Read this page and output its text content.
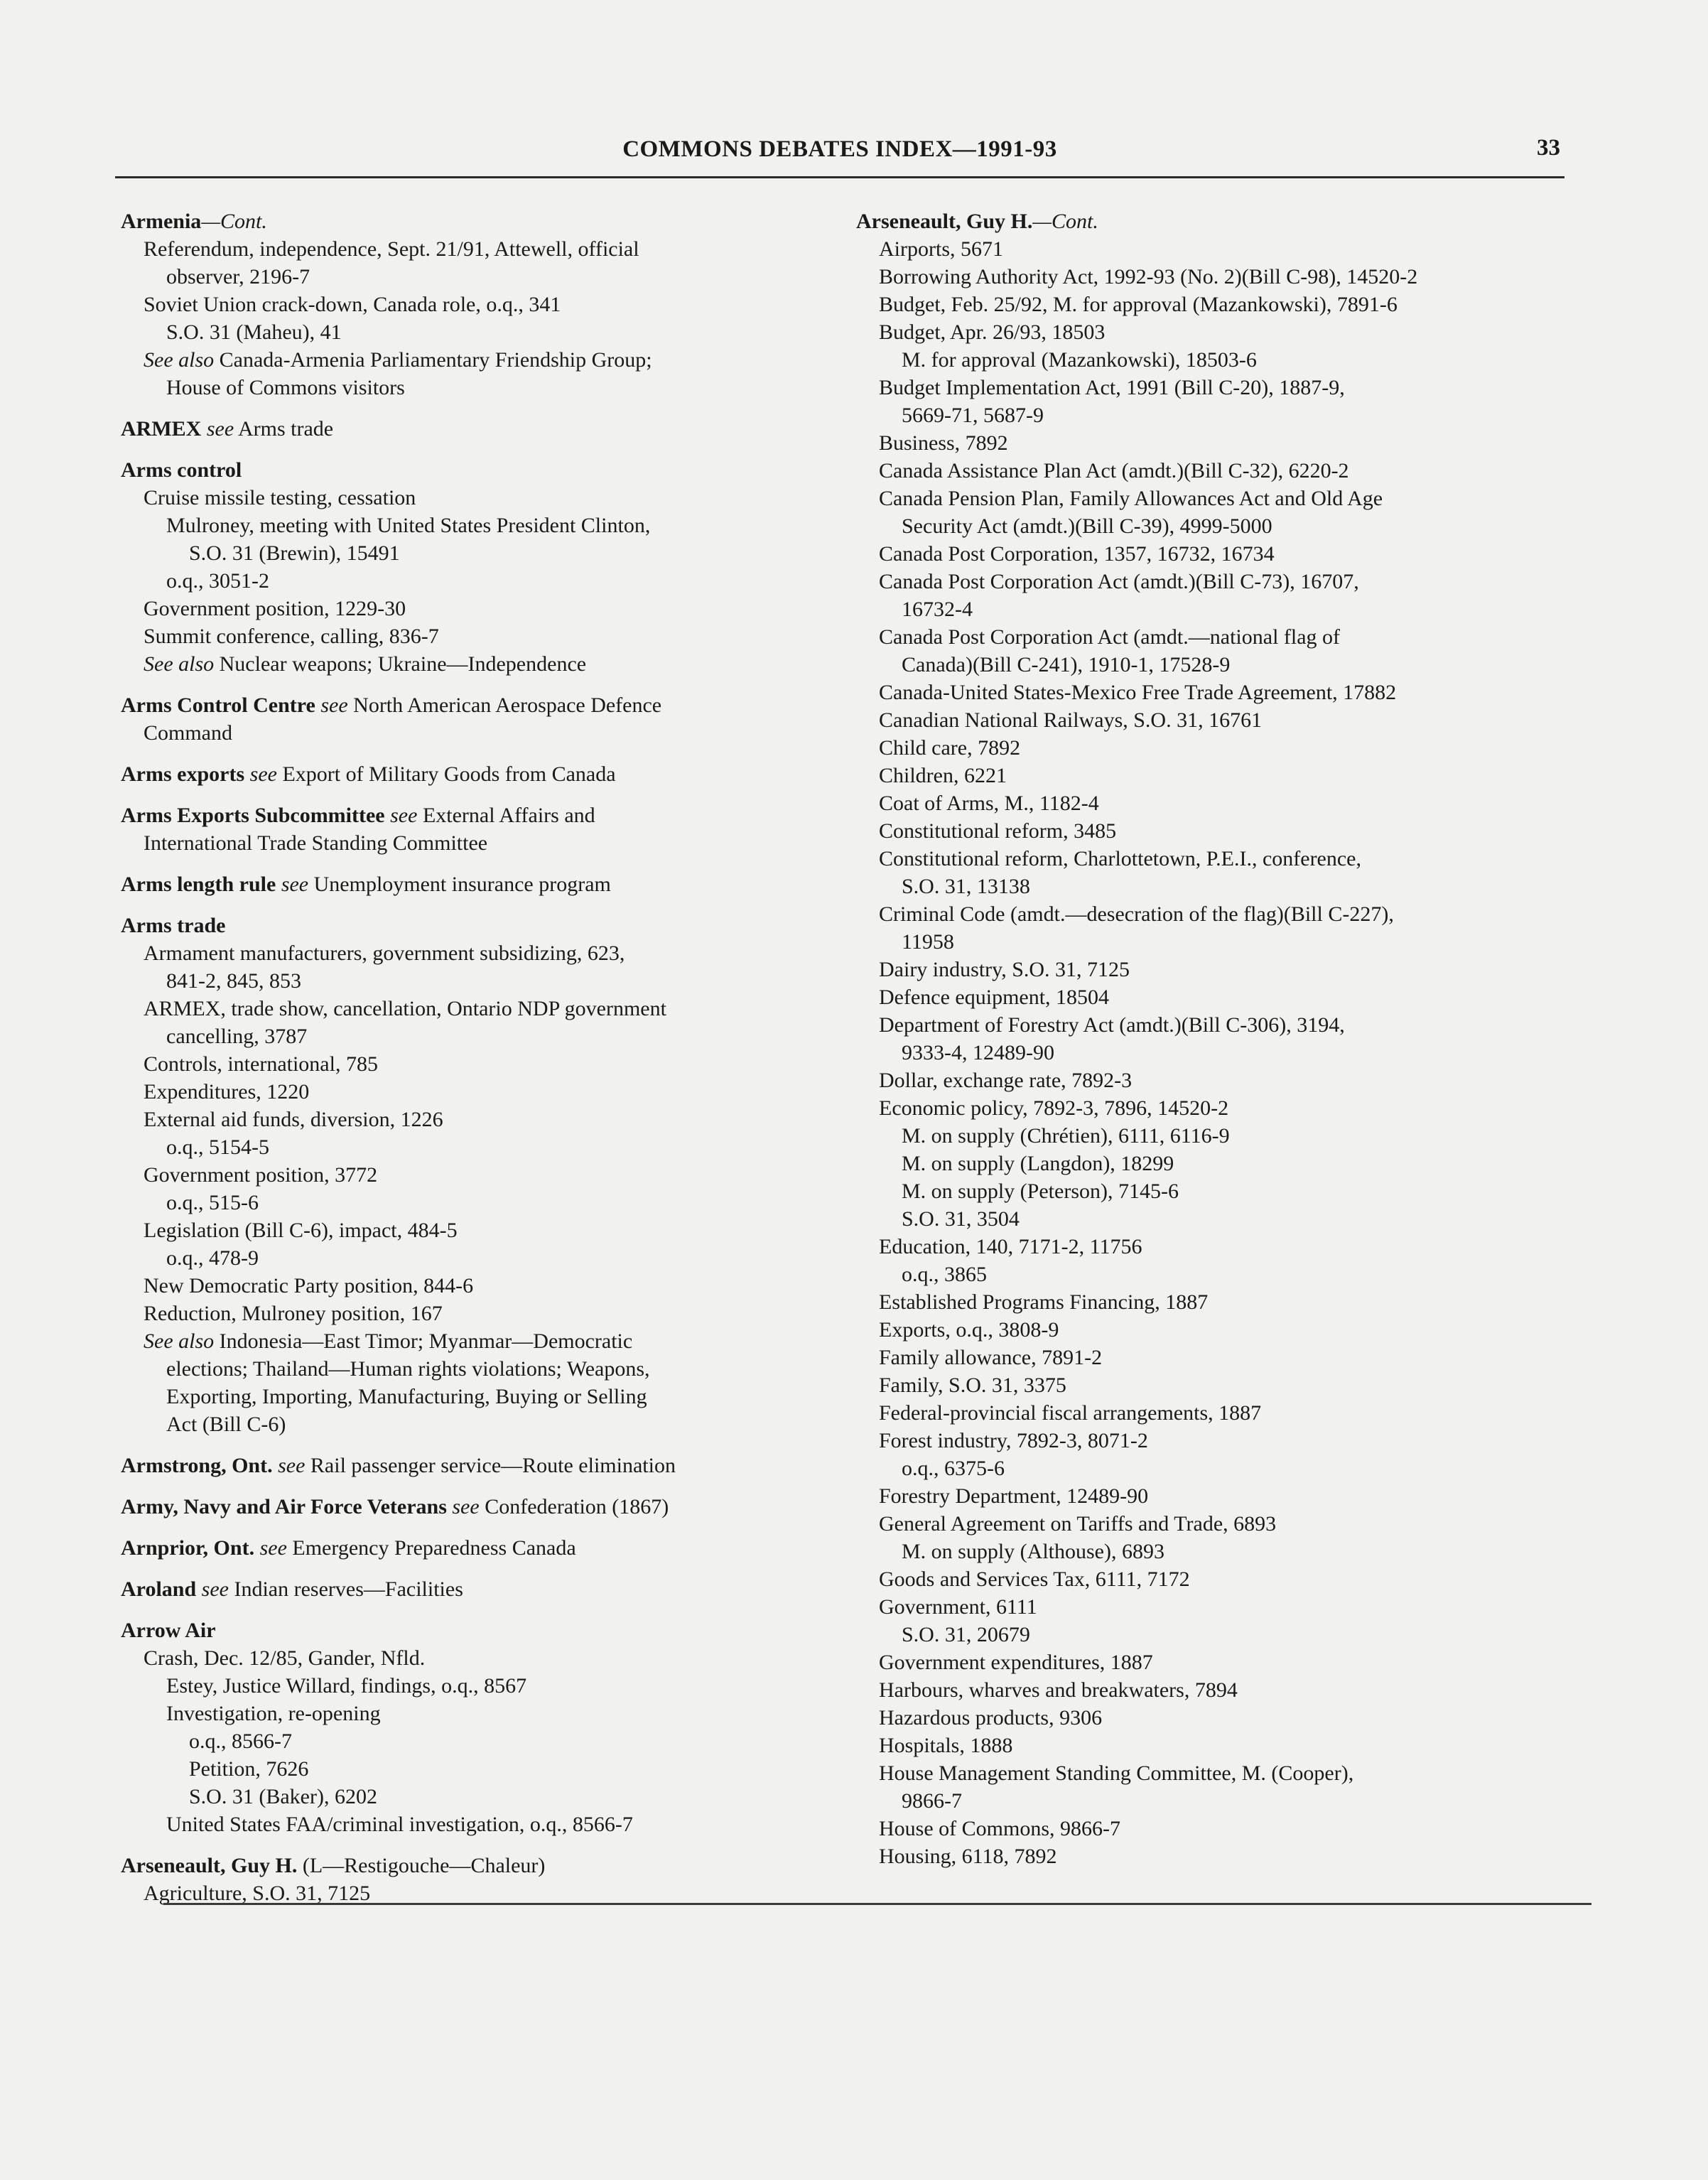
COMMONS DEBATES INDEX—1991-93	33
Armenia—Cont.
Referendum, independence, Sept. 21/91, Attewell, official
observer, 2196-7
Soviet Union crack-down, Canada role, o.q., 341
S.O. 31 (Maheu), 41
See also Canada-Armenia Parliamentary Friendship Group;
House of Commons visitors
ARMEX see Arms trade
Arms control
Cruise missile testing, cessation
Mulroney, meeting with United States President Clinton,
S.O. 31 (Brewin), 15491
o.q., 3051-2
Government position, 1229-30
Summit conference, calling, 836-7
See also Nuclear weapons; Ukraine—Independence
Arms Control Centre see North American Aerospace Defence
Command
Arms exports see Export of Military Goods from Canada
Arms Exports Subcommittee see External Affairs and
International Trade Standing Committee
Arms length rule see Unemployment insurance program
Arms trade
Armament manufacturers, government subsidizing, 623,
841-2, 845, 853
ARMEX, trade show, cancellation, Ontario NDP government
cancelling, 3787
Controls, international, 785
Expenditures, 1220
External aid funds, diversion, 1226
o.q., 5154-5
Government position, 3772
o.q., 515-6
Legislation (Bill C-6), impact, 484-5
o.q., 478-9
New Democratic Party position, 844-6
Reduction, Mulroney position, 167
See also Indonesia—East Timor; Myanmar—Democratic
elections; Thailand—Human rights violations; Weapons,
Exporting, Importing, Manufacturing, Buying or Selling
Act (Bill C-6)
Armstrong, Ont. see Rail passenger service—Route elimination
Army, Navy and Air Force Veterans see Confederation (1867)
Arnprior, Ont. see Emergency Preparedness Canada
Aroland see Indian reserves—Facilities
Arrow Air
Crash, Dec. 12/85, Gander, Nfld.
Estey, Justice Willard, findings, o.q., 8567
Investigation, re-opening
o.q., 8566-7
Petition, 7626
S.O. 31 (Baker), 6202
United States FAA/criminal investigation, o.q., 8566-7
Arseneault, Guy H. (L—Restigouche—Chaleur)
Agriculture, S.O. 31, 7125
Arseneault, Guy H.—Cont.
Airports, 5671
Borrowing Authority Act, 1992-93 (No. 2)(Bill C-98), 14520-2
Budget, Feb. 25/92, M. for approval (Mazankowski), 7891-6
Budget, Apr. 26/93, 18503
M. for approval (Mazankowski), 18503-6
Budget Implementation Act, 1991 (Bill C-20), 1887-9,
5669-71, 5687-9
Business, 7892
Canada Assistance Plan Act (amdt.)(Bill C-32), 6220-2
Canada Pension Plan, Family Allowances Act and Old Age
Security Act (amdt.)(Bill C-39), 4999-5000
Canada Post Corporation, 1357, 16732, 16734
Canada Post Corporation Act (amdt.)(Bill C-73), 16707,
16732-4
Canada Post Corporation Act (amdt.—national flag of
Canada)(Bill C-241), 1910-1, 17528-9
Canada-United States-Mexico Free Trade Agreement, 17882
Canadian National Railways, S.O. 31, 16761
Child care, 7892
Children, 6221
Coat of Arms, M., 1182-4
Constitutional reform, 3485
Constitutional reform, Charlottetown, P.E.I., conference,
S.O. 31, 13138
Criminal Code (amdt.—desecration of the flag)(Bill C-227),
11958
Dairy industry, S.O. 31, 7125
Defence equipment, 18504
Department of Forestry Act (amdt.)(Bill C-306), 3194,
9333-4, 12489-90
Dollar, exchange rate, 7892-3
Economic policy, 7892-3, 7896, 14520-2
M. on supply (Chrétien), 6111, 6116-9
M. on supply (Langdon), 18299
M. on supply (Peterson), 7145-6
S.O. 31, 3504
Education, 140, 7171-2, 11756
o.q., 3865
Established Programs Financing, 1887
Exports, o.q., 3808-9
Family allowance, 7891-2
Family, S.O. 31, 3375
Federal-provincial fiscal arrangements, 1887
Forest industry, 7892-3, 8071-2
o.q., 6375-6
Forestry Department, 12489-90
General Agreement on Tariffs and Trade, 6893
M. on supply (Althouse), 6893
Goods and Services Tax, 6111, 7172
Government, 6111
S.O. 31, 20679
Government expenditures, 1887
Harbours, wharves and breakwaters, 7894
Hazardous products, 9306
Hospitals, 1888
House Management Standing Committee, M. (Cooper),
9866-7
House of Commons, 9866-7
Housing, 6118, 7892
